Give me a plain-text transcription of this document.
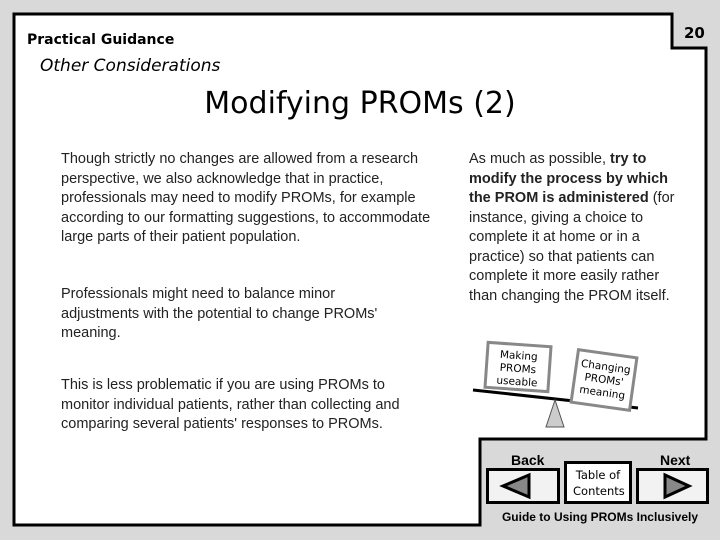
20
Practical Guidance
Other Considerations
Modifying PROMs (2)
Though strictly no changes are allowed from a research perspective, we also acknowledge that in practice, professionals may need to modify PROMs, for example according to our formatting suggestions, to accommodate large parts of their patient population.
Professionals might need to balance minor adjustments with the potential to change PROMs' meaning.
This is less problematic if you are using PROMs to monitor individual patients, rather than collecting and comparing several patients' responses to PROMs.
As much as possible, try to modify the process by which the PROM is administered (for instance, giving a choice to complete it at home or in a practice) so that patients can complete it more easily rather than changing the PROM itself.
Making PROMs useable
Changing PROMs' meaning
Back	Next
Table of Contents
Guide to Using PROMs Inclusively
